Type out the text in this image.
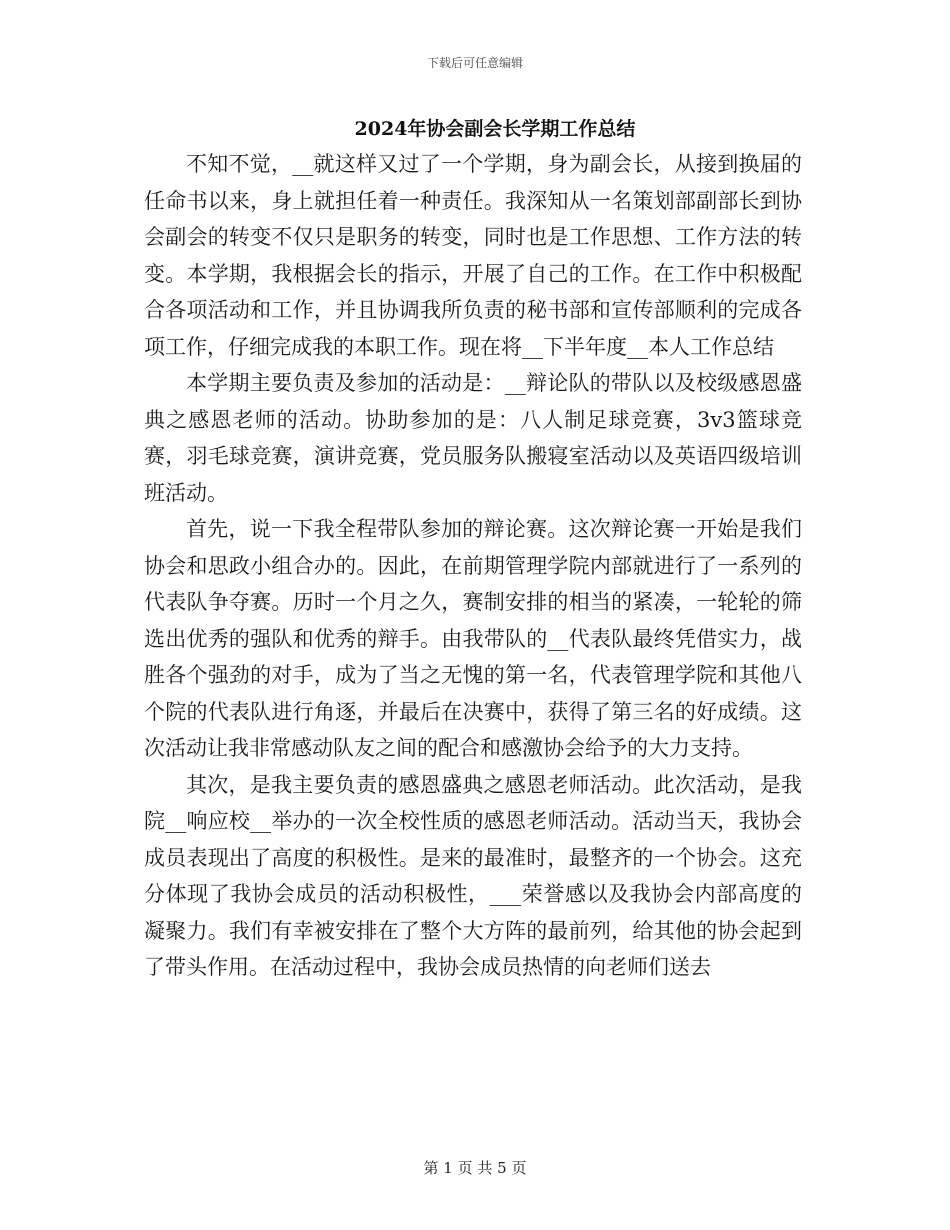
下载后可任意编辑
2024年协会副会长学期工作总结

不知不觉，__就这样又过了一个学期，身为副会长，从接到换届的任命书以来，身上就担任着一种责任。我深知从一名策划部副部长到协会副会的转变不仅只是职务的转变，同时也是工作思想、工作方法的转变。本学期，我根据会长的指示，开展了自己的工作。在工作中积极配合各项活动和工作，并且协调我所负责的秘书部和宣传部顺利的完成各项工作，仔细完成我的本职工作。现在将__下半年度__本人工作总结

本学期主要负责及参加的活动是：__辩论队的带队以及校级感恩盛典之感恩老师的活动。协助参加的是：八人制足球竞赛，3v3篮球竞赛，羽毛球竞赛，演讲竞赛，党员服务队搬寝室活动以及英语四级培训班活动。

首先，说一下我全程带队参加的辩论赛。这次辩论赛一开始是我们协会和思政小组合办的。因此，在前期管理学院内部就进行了一系列的代表队争夺赛。历时一个月之久，赛制安排的相当的紧凑，一轮轮的筛选出优秀的强队和优秀的辩手。由我带队的__代表队最终凭借实力，战胜各个强劲的对手，成为了当之无愧的第一名，代表管理学院和其他八个院的代表队进行角逐，并最后在决赛中，获得了第三名的好成绩。这次活动让我非常感动队友之间的配合和感激协会给予的大力支持。

其次，是我主要负责的感恩盛典之感恩老师活动。此次活动，是我院__响应校__举办的一次全校性质的感恩老师活动。活动当天，我协会成员表现出了高度的积极性。是来的最准时，最整齐的一个协会。这充分体现了我协会成员的活动积极性，___荣誉感以及我协会内部高度的凝聚力。我们有幸被安排在了整个大方阵的最前列，给其他的协会起到了带头作用。在活动过程中，我协会成员热情的向老师们送去

第 1 页 共 5 页
